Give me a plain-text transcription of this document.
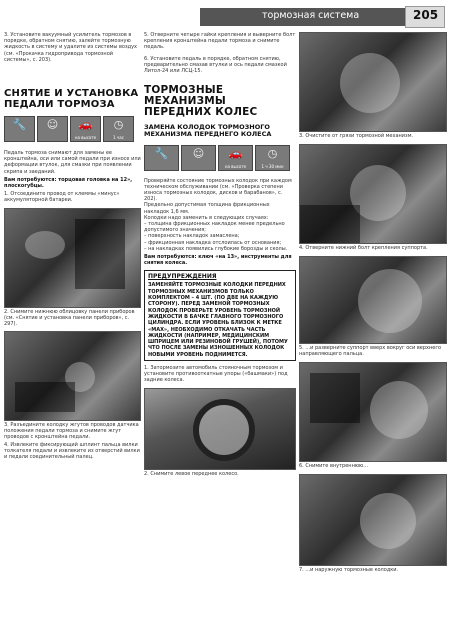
тормозная система	205
3. Установите вакуумный усилитель тормозов в порядке, обратном снятию, залейте тормозную жидкость в систему и удалите из системы воздух (см. «Прокачка гидропривода тормозной системы», с. 203).
СНЯТИЕ И УСТАНОВКА ПЕДАЛИ ТОРМОЗА
🔧	☺	🚗
на высоте
◷
1 час
Педаль тормоза снимают для замены ее кронштейна, оси или самой педали при износе или деформации втулок, для смазки при появлении скрипа и заеданий.
Вам потребуются: торцовая головка на 12», плоскогубцы.
1. Отсоедините провод от клеммы «минус» аккумуляторной батареи.
2. Снимите нижнюю облицовку панели приборов (см. «Снятие и установка панели приборов», с. 297).
3. Разъедините колодку жгутов проводов датчика положения педали тормоза и снимите жгут проводов с кронштейна педали.
4. Извлеките фиксирующий шплинт пальца вилки толкателя педали и извлеките из отверстий вилки и педали соединительный палец.
5. Отверните четыре гайки крепления и выверните болт крепления кронштейна педали тормоза и снимите педаль.
6. Установите педаль в порядке, обратном снятию, предварительно смазав втулки и ось педали смазкой Литол-24 или ЛСЦ-15.
ТОРМОЗНЫЕ МЕХАНИЗМЫ ПЕРЕДНИХ КОЛЕС
ЗАМЕНА КОЛОДОК ТОРМОЗНОГО МЕХАНИЗМА ПЕРЕДНЕГО КОЛЕСА
🔧	☺	🚗
на высоте
◷
1 ч 30 мин
Проверяйте состояние тормозных колодок при каждом техническом обслуживании (см. «Проверка степени износа тормозных колодок, дисков и барабанов», с. 202).
Предельно допустимая толщина фрикционных накладок 1,6 мм.
Колодки надо заменить в следующих случаях:
– толщина фрикционных накладок менее предельно допустимого значения;
– поверхность накладок замаслена;
– фрикционная накладка отслоилась от основания;
– на накладках появились глубокие борозды и сколы.
Вам потребуются: ключ «на 13», инструменты для снятия колеса.
ПРЕДУПРЕЖДЕНИЯ
ЗАМЕНЯЙТЕ ТОРМОЗНЫЕ КОЛОДКИ ПЕРЕДНИХ ТОРМОЗНЫХ МЕХАНИЗМОВ ТОЛЬКО КОМПЛЕКТОМ – 4 ШТ. (ПО ДВЕ НА КАЖДУЮ СТОРОНУ). ПЕРЕД ЗАМЕНОЙ ТОРМОЗНЫХ КОЛОДОК ПРОВЕРЬТЕ УРОВЕНЬ ТОРМОЗНОЙ ЖИДКОСТИ В БАЧКЕ ГЛАВНОГО ТОРМОЗНОГО ЦИЛИНДРА. ЕСЛИ УРОВЕНЬ БЛИЗОК К МЕТКЕ «MAX», НЕОБХОДИМО ОТКАЧАТЬ ЧАСТЬ ЖИДКОСТИ (НАПРИМЕР, МЕДИЦИНСКИМ ШПРИЦЕМ ИЛИ РЕЗИНОВОЙ ГРУШЕЙ), ПОТОМУ ЧТО ПОСЛЕ ЗАМЕНЫ ИЗНОШЕННЫХ КОЛОДОК НОВЫМИ УРОВЕНЬ ПОДНИМЕТСЯ.
1. Затормозите автомобиль стояночным тормозом и установите противооткатные упоры («башмаки») под задние колеса.
2. Снимите левое переднее колесо.
3. Очистите от грязи тормозной механизм.
4. Отверните нижний болт крепления суппорта.
5. ...и разверните суппорт вверх вокруг оси верхнего направляющего пальца.
6. Снимите внутреннюю...
7. ...и наружную тормозные колодки.
